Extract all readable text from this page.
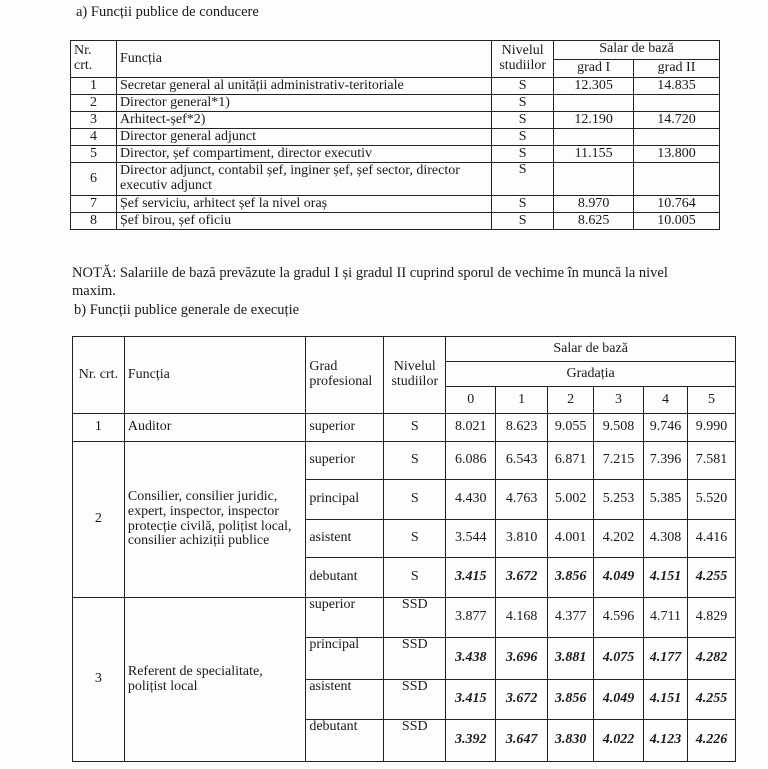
a) Funcții publice de conducere
Nr. crt.	Funcția	Nivelul studiilor	Salar de bază	
			grad I	grad II
1	Secretar general al unității administrativ-teritoriale	S	12.305	14.835
2	Director general*1)	S		
3	Arhitect-șef*2)	S	12.190	14.720
4	Director general adjunct	S		
5	Director, șef compartiment, director executiv	S	11.155	13.800
6	Director adjunct, contabil șef, inginer șef, șef sector, director executiv adjunct	S		
7	Șef serviciu, arhitect șef la nivel oraș	S	8.970	10.764
8	Șef birou, șef oficiu	S	8.625	10.005
NOTĂ: Salariile de bază prevăzute la gradul I și gradul II cuprind sporul de vechime în muncă la nivel maxim.
b) Funcții publice generale de execuție
Nr. crt.	Funcția	Grad profesional	Nivelul studiilor	Salar de bază					
				Gradația					
				0	1	2	3	4	5
1	Auditor	superior	S	8.021	8.623	9.055	9.508	9.746	9.990
2	Consilier, consilier juridic, expert, inspector, inspector protecție civilă, polițist local, consilier achiziții publice	superior	S	6.086	6.543	6.871	7.215	7.396	7.581
		principal	S	4.430	4.763	5.002	5.253	5.385	5.520
		asistent	S	3.544	3.810	4.001	4.202	4.308	4.416
		debutant	S	3.415	3.672	3.856	4.049	4.151	4.255
3	Referent de specialitate, polițist local	superior	SSD	3.877	4.168	4.377	4.596	4.711	4.829
		principal	SSD	3.438	3.696	3.881	4.075	4.177	4.282
		asistent	SSD	3.415	3.672	3.856	4.049	4.151	4.255
		debutant	SSD	3.392	3.647	3.830	4.022	4.123	4.226
